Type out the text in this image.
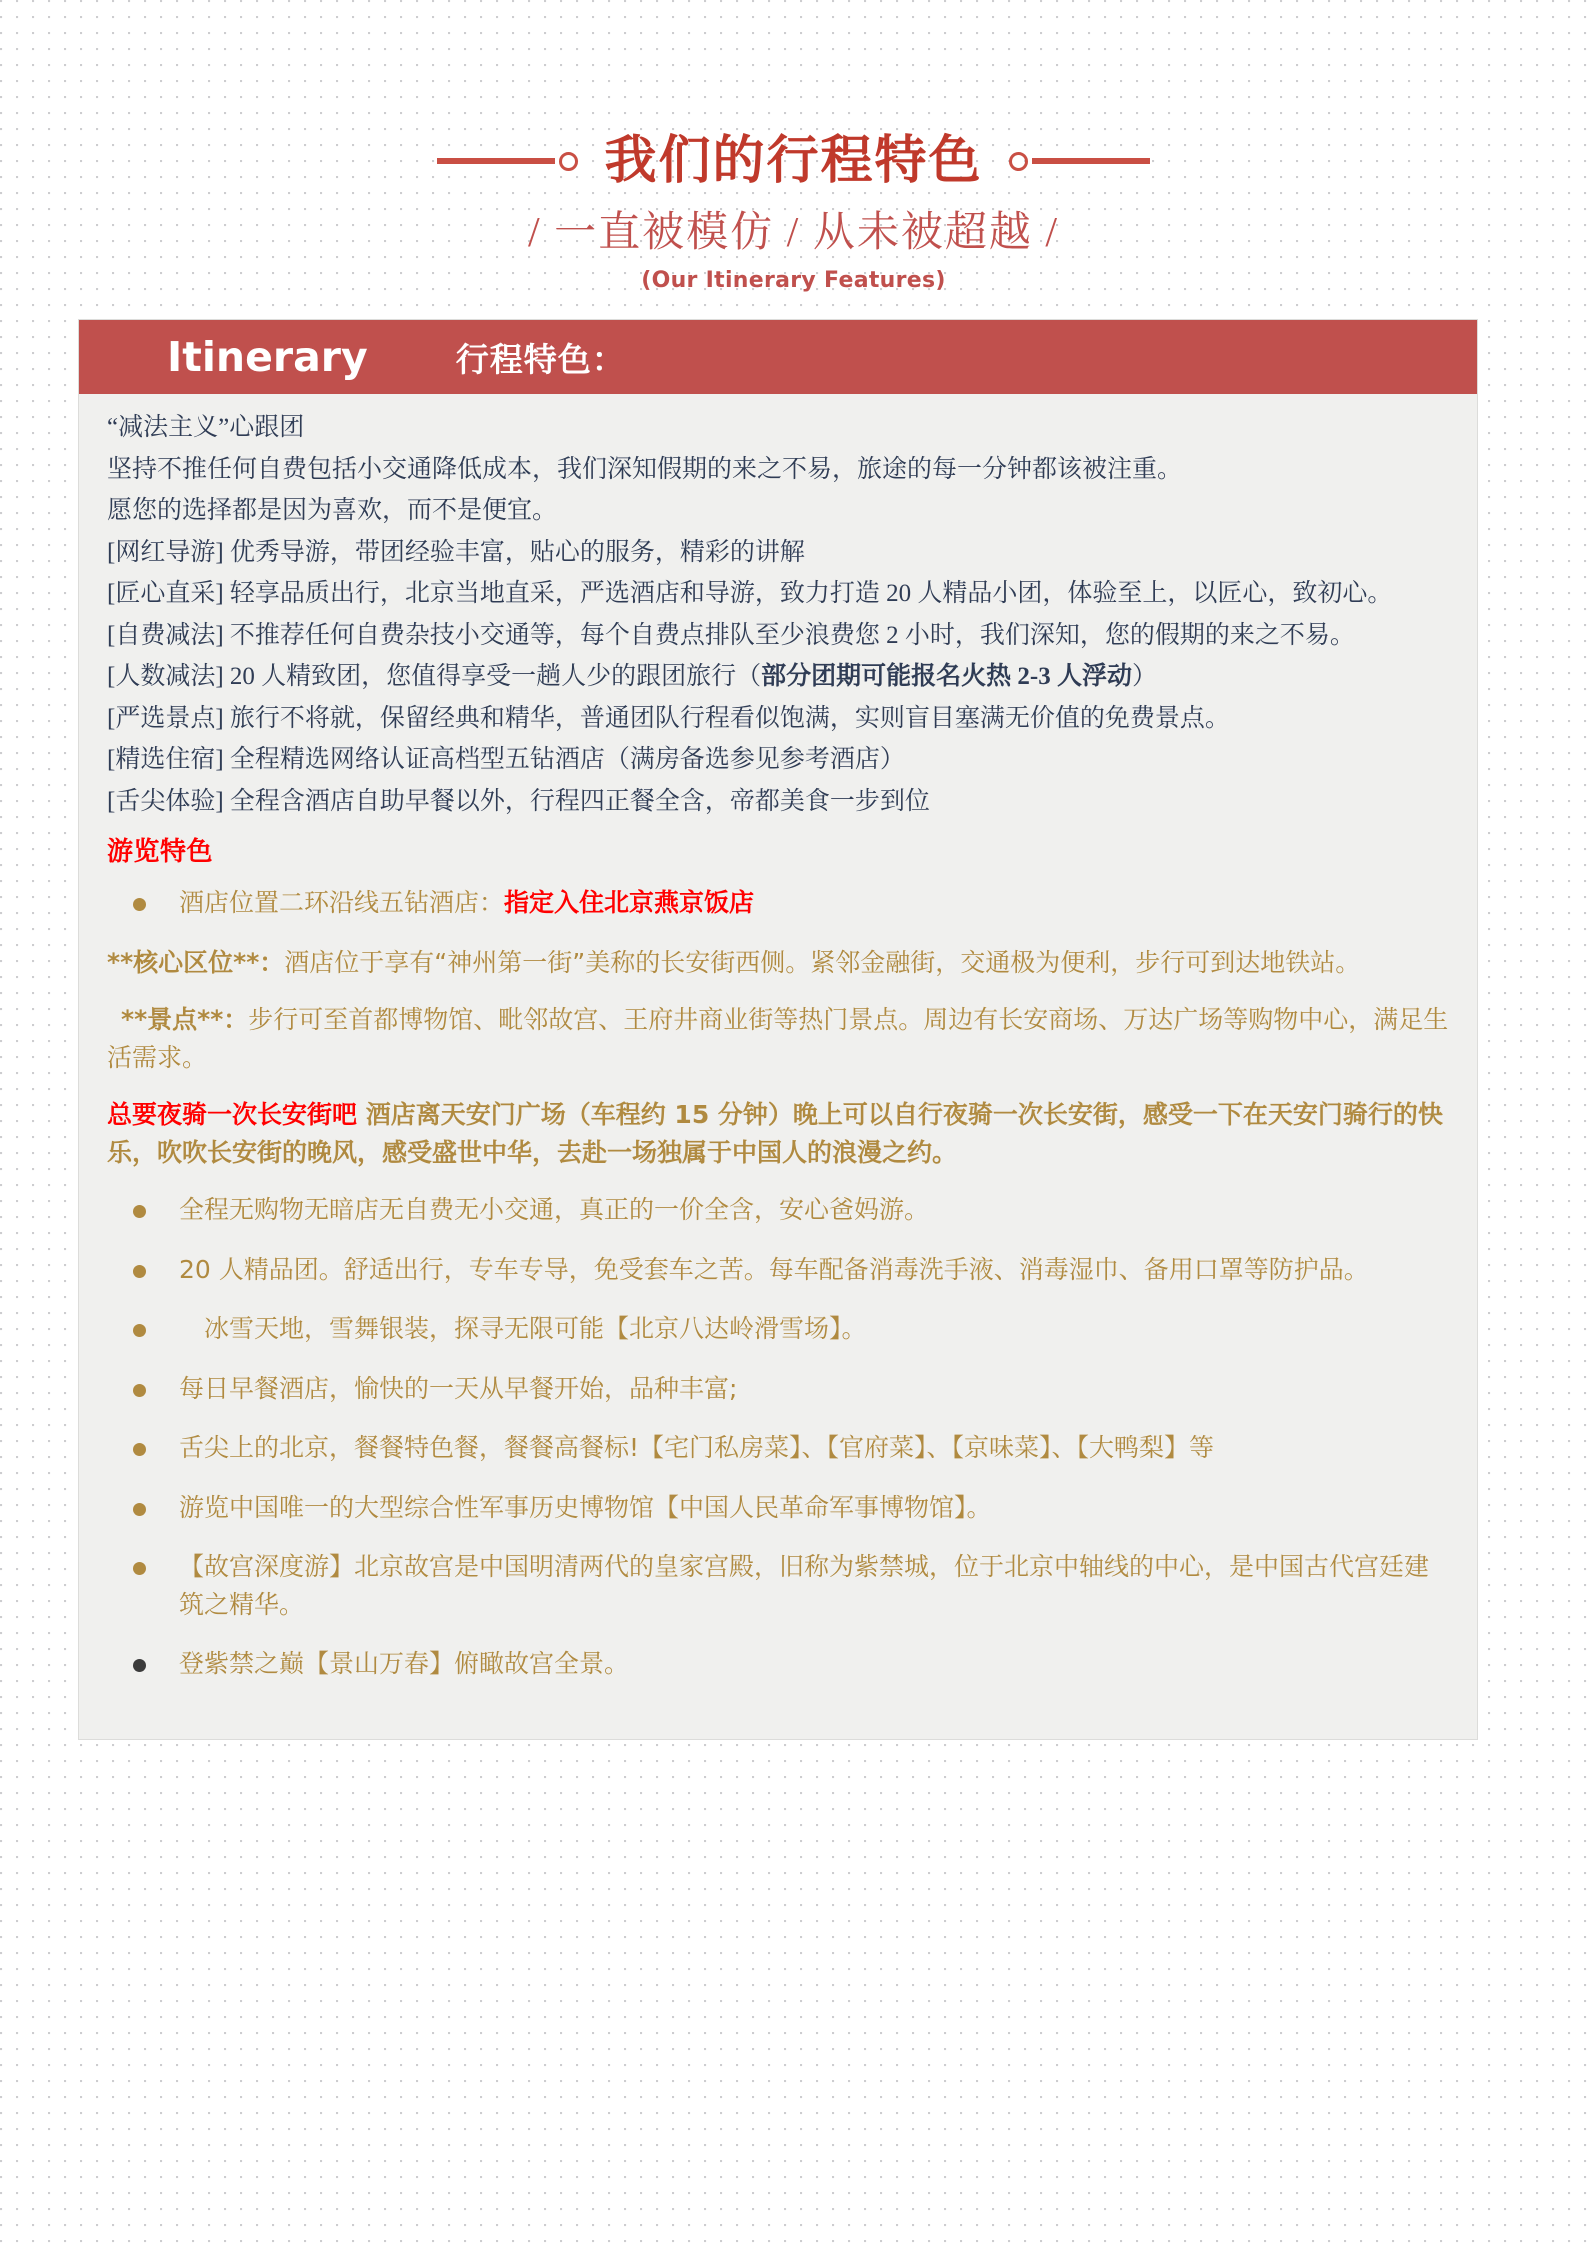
我们的行程特色
/ 一直被模仿 / 从未被超越 /
(Our Itinerary Features)
Itinerary	行程特色：

“减法主义”心跟团

坚持不推任何自费包括小交通降低成本，我们深知假期的来之不易，旅途的每一分钟都该被注重。

愿您的选择都是因为喜欢，而不是便宜。

[网红导游] 优秀导游，带团经验丰富，贴心的服务，精彩的讲解

[匠心直采] 轻享品质出行，北京当地直采，严选酒店和导游，致力打造 20 人精品小团，体验至上，以匠心，致初心。

[自费减法] 不推荐任何自费杂技小交通等，每个自费点排队至少浪费您 2 小时，我们深知，您的假期的来之不易。

[人数减法] 20 人精致团，您值得享受一趟人少的跟团旅行（部分团期可能报名火热 2-3 人浮动）

[严选景点] 旅行不将就，保留经典和精华，普通团队行程看似饱满，实则盲目塞满无价值的免费景点。

[精选住宿] 全程精选网络认证高档型五钻酒店（满房备选参见参考酒店）

[舌尖体验] 全程含酒店自助早餐以外，行程四正餐全含，帝都美食一步到位

游览特色
酒店位置二环沿线五钻酒店：指定入住北京燕京饭店

**核心区位**：酒店位于享有“神州第一街”美称的长安街西侧。紧邻金融街，交通极为便利，步行可到达地铁站。

**景点**：步行可至首都博物馆、毗邻故宫、王府井商业街等热门景点。周边有长安商场、万达广场等购物中心，满足生活需求。

总要夜骑一次长安街吧 酒店离天安门广场（车程约 15 分钟）晚上可以自行夜骑一次长安街，感受一下在天安门骑行的快乐，吹吹长安街的晚风，感受盛世中华，去赴一场独属于中国人的浪漫之约。

全程无购物无暗店无自费无小交通，真正的一价全含，安心爸妈游。
20 人精品团。舒适出行，专车专导，免受套车之苦。每车配备消毒洗手液、消毒湿巾、备用口罩等防护品。
　冰雪天地，雪舞银装，探寻无限可能【北京八达岭滑雪场】。
每日早餐酒店，愉快的一天从早餐开始，品种丰富;
舌尖上的北京，餐餐特色餐，餐餐高餐标!【宅门私房菜】、【官府菜】、【京味菜】、【大鸭梨】等
游览中国唯一的大型综合性军事历史博物馆【中国人民革命军事博物馆】。
【故宫深度游】北京故宫是中国明清两代的皇家宫殿，旧称为紫禁城，位于北京中轴线的中心，是中国古代宫廷建筑之精华。
登紫禁之巅【景山万春】俯瞰故宫全景。
